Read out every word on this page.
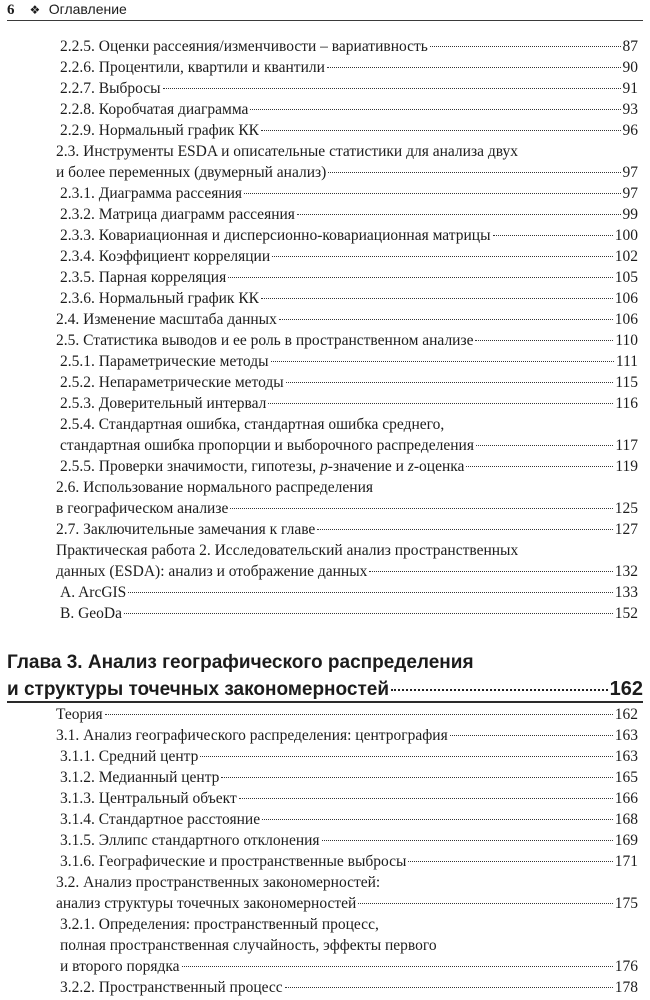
6 ❖ Оглавление
2.2.5. Оценки рассеяния/изменчивости – вариативность	87
2.2.6. Процентили, квартили и квантили	90
2.2.7. Выбросы	91
2.2.8. Коробчатая диаграмма	93
2.2.9. Нормальный график КК	96
2.3. Инструменты ESDA и описательные статистики для анализа двух
и более переменных (двумерный анализ)	97
2.3.1. Диаграмма рассеяния	97
2.3.2. Матрица диаграмм рассеяния	99
2.3.3. Ковариационная и дисперсионно-ковариационная матрицы	100
2.3.4. Коэффициент корреляции	102
2.3.5. Парная корреляция	105
2.3.6. Нормальный график КК	106
2.4. Изменение масштаба данных	106
2.5. Статистика выводов и ее роль в пространственном анализе	110
2.5.1. Параметрические методы	111
2.5.2. Непараметрические методы	115
2.5.3. Доверительный интервал	116
2.5.4. Стандартная ошибка, стандартная ошибка среднего,
стандартная ошибка пропорции и выборочного распределения	117
2.5.5. Проверки значимости, гипотезы, p-значение и z-оценка	119
2.6. Использование нормального распределения
в географическом анализе	125
2.7. Заключительные замечания к главе	127
Практическая работа 2. Исследовательский анализ пространственных
данных (ESDA): анализ и отображение данных	132
A. ArcGIS	133
B. GeoDa	152
Глава 3. Анализ географического распределения
и структуры точечных закономерностей	162
Теория	162
3.1. Анализ географического распределения: центрография	163
3.1.1. Средний центр	163
3.1.2. Медианный центр	165
3.1.3. Центральный объект	166
3.1.4. Стандартное расстояние	168
3.1.5. Эллипс стандартного отклонения	169
3.1.6. Географические и пространственные выбросы	171
3.2. Анализ пространственных закономерностей:
анализ структуры точечных закономерностей	175
3.2.1. Определения: пространственный процесс,
полная пространственная случайность, эффекты первого
и второго порядка	176
3.2.2. Пространственный процесс	178
